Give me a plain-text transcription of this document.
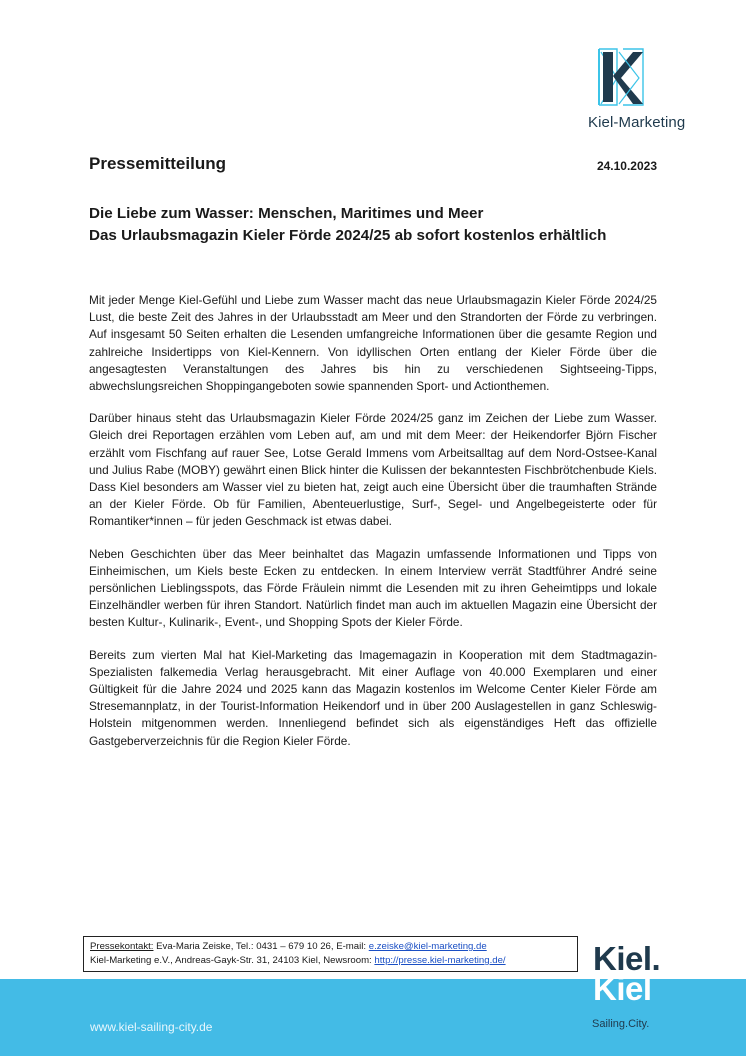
Kiel-Marketing
Pressemitteilung	24.10.2023
Die Liebe zum Wasser: Menschen, Maritimes und Meer
Das Urlaubsmagazin Kieler Förde 2024/25 ab sofort kostenlos erhältlich

Mit jeder Menge Kiel-Gefühl und Liebe zum Wasser macht das neue Urlaubsmagazin Kieler Förde 2024/25 Lust, die beste Zeit des Jahres in der Urlaubsstadt am Meer und den Strandorten der Förde zu verbringen. Auf insgesamt 50 Seiten erhalten die Lesenden umfangreiche Informationen über die gesamte Region und zahlreiche Insidertipps von Kiel-Kennern. Von idyllischen Orten entlang der Kieler Förde über die angesagtesten Veranstaltungen des Jahres bis hin zu verschiedenen Sightseeing-Tipps, abwechslungsreichen Shoppingangeboten sowie spannenden Sport- und Actionthemen.

Darüber hinaus steht das Urlaubsmagazin Kieler Förde 2024/25 ganz im Zeichen der Liebe zum Wasser. Gleich drei Reportagen erzählen vom Leben auf, am und mit dem Meer: der Heikendorfer Björn Fischer erzählt vom Fischfang auf rauer See, Lotse Gerald Immens vom Arbeitsalltag auf dem Nord-Ostsee-Kanal und Julius Rabe (MOBY) gewährt einen Blick hinter die Kulissen der bekanntesten Fischbrötchenbude Kiels. Dass Kiel besonders am Wasser viel zu bieten hat, zeigt auch eine Übersicht über die traumhaften Strände an der Kieler Förde. Ob für Familien, Abenteuerlustige, Surf-, Segel- und Angelbegeisterte oder für Romantiker*innen – für jeden Geschmack ist etwas dabei.

Neben Geschichten über das Meer beinhaltet das Magazin umfassende Informationen und Tipps von Einheimischen, um Kiels beste Ecken zu entdecken. In einem Interview verrät Stadtführer André seine persönlichen Lieblingsspots, das Förde Fräulein nimmt die Lesenden mit zu ihren Geheimtipps und lokale Einzelhändler werben für ihren Standort. Natürlich findet man auch im aktuellen Magazin eine Übersicht der besten Kultur-, Kulinarik-, Event-, und Shopping Spots der Kieler Förde.

Bereits zum vierten Mal hat Kiel-Marketing das Imagemagazin in Kooperation mit dem Stadtmagazin-Spezialisten falkemedia Verlag herausgebracht. Mit einer Auflage von 40.000 Exemplaren und einer Gültigkeit für die Jahre 2024 und 2025 kann das Magazin kostenlos im Welcome Center Kieler Förde am Stresemannplatz, in der Tourist-Information Heikendorf und in über 200 Auslagestellen in ganz Schleswig-Holstein mitgenommen werden. Innenliegend befindet sich als eigenständiges Heft das offizielle Gastgeberverzeichnis für die Region Kieler Förde.

Pressekontakt: Eva-Maria Zeiske, Tel.: 0431 – 679 10 26, E-mail: e.zeiske@kiel-marketing.de
Kiel-Marketing e.V., Andreas-Gayk-Str. 31, 24103 Kiel, Newsroom: http://presse.kiel-marketing.de/
www.kiel-sailing-city.de
Kiel.
Kiel
Sailing.City.
